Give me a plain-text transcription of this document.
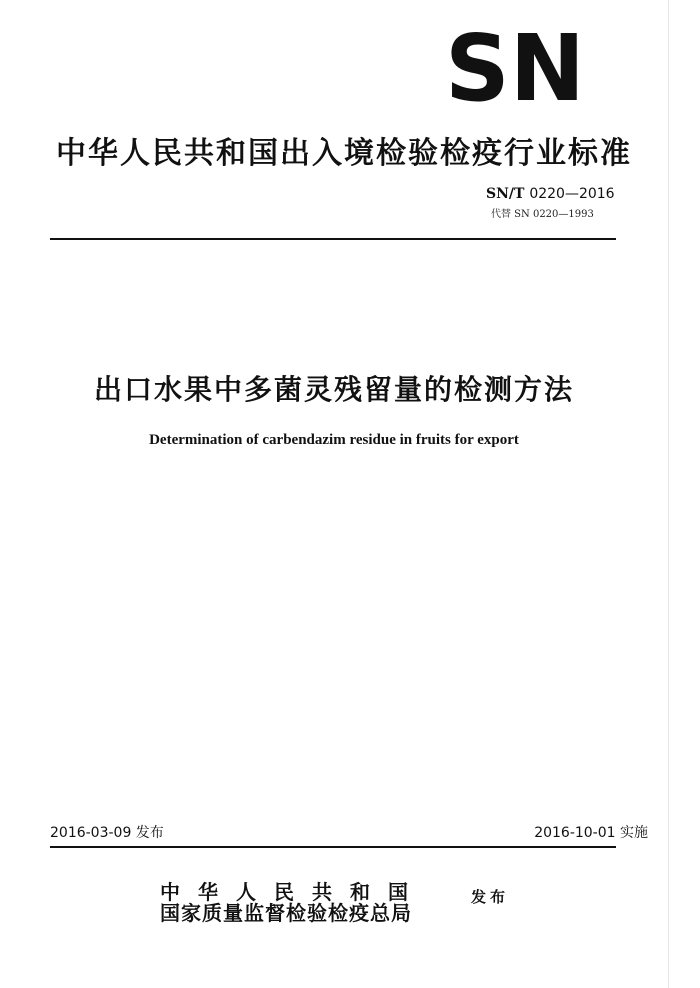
SN
中华人民共和国出入境检验检疫行业标准
SN/T 0220—2016
代替 SN 0220—1993
出口水果中多菌灵残留量的检测方法
Determination of carbendazim residue in fruits for export
2016-03-09 发布	2016-10-01 实施
中华人民共和国
国家质量监督检验检疫总局
发布
